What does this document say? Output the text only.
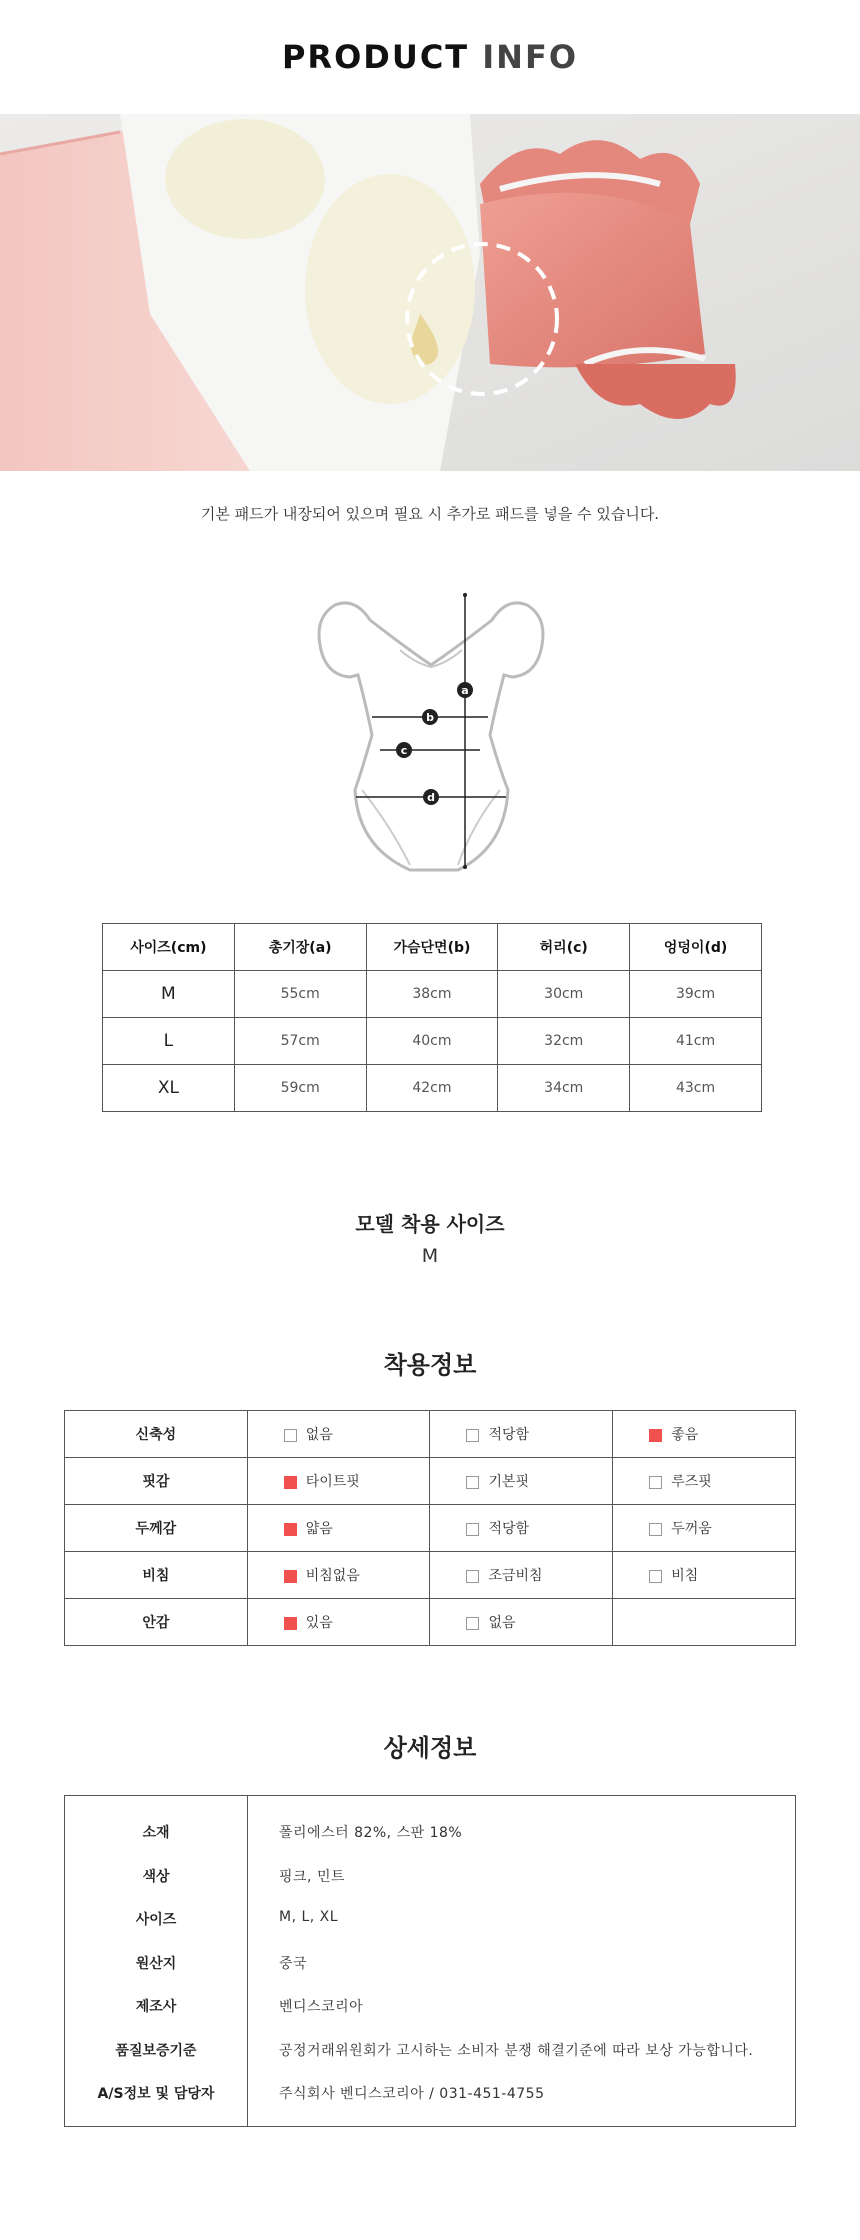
PRODUCT INFO
기본 패드가 내장되어 있으며 필요 시 추가로 패드를 넣을 수 있습니다.
a
b
c
d
사이즈(cm)	총기장(a)	가슴단면(b)	허리(c)	엉덩이(d)
M	55cm	38cm	30cm	39cm
L	57cm	40cm	32cm	41cm
XL	59cm	42cm	34cm	43cm
모델 착용 사이즈
M
착용정보
신축성	없음	적당함	좋음
핏감	타이트핏	기본핏	루즈핏
두께감	얇음	적당함	두꺼움
비침	비침없음	조금비침	비침
안감	있음	없음	
상세정보
소재	폴리에스터 82%, 스판 18%
색상	핑크, 민트
사이즈	M, L, XL
원산지	중국
제조사	벤디스코리아
품질보증기준	공정거래위원회가 고시하는 소비자 분쟁 해결기준에 따라 보상 가능합니다.
A/S정보 및 담당자	주식회사 벤디스코리아 / 031-451-4755
